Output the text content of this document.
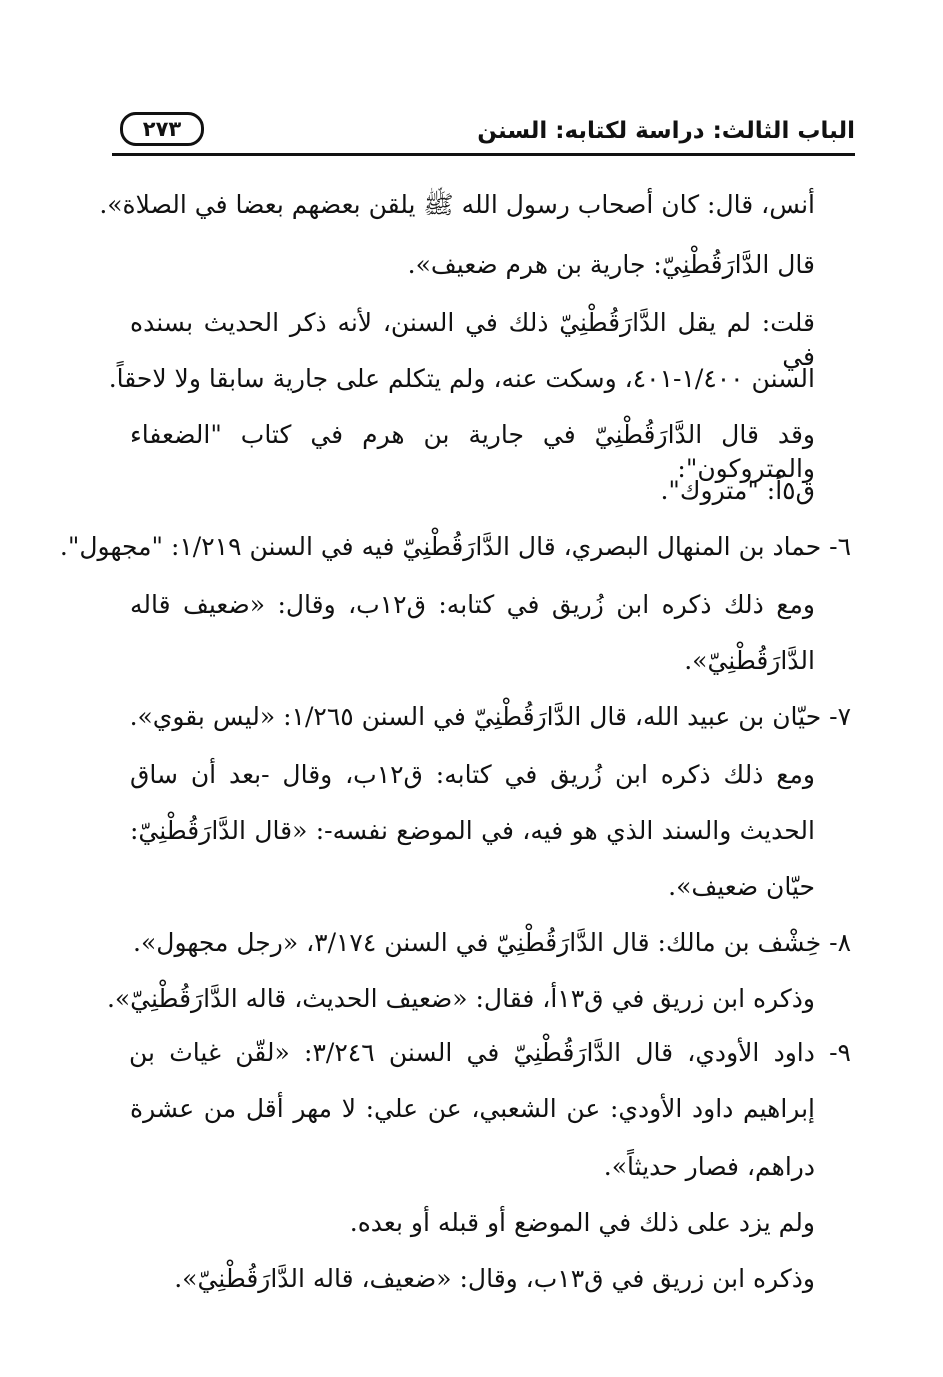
الباب الثالث: دراسة لكتابه: السنن
٢٧٣
أنس، قال: كان أصحاب رسول الله ﷺ يلقن بعضهم بعضا في الصلاة».
قال الدَّارَقُطْنِيّ: جارية بن هرم ضعيف».
قلت: لم يقل الدَّارَقُطْنِيّ ذلك في السنن، لأنه ذكر الحديث بسنده في
السنن ١/٤٠٠-٤٠١، وسكت عنه، ولم يتكلم على جارية سابقا ولا لاحقاً.
وقد قال الدَّارَقُطْنِيّ في جارية بن هرم في كتاب "الضعفاء والمتروكون":
ق٥أ: "متروك".
٦- حماد بن المنهال البصري، قال الدَّارَقُطْنِيّ فيه في السنن ١/٢١٩: "مجهول".
ومع ذلك ذكره ابن زُريق في كتابه: ق١٢ب، وقال: «ضعيف قاله
الدَّارَقُطْنِيّ».
٧- حيّان بن عبيد الله، قال الدَّارَقُطْنِيّ في السنن ١/٢٦٥: «ليس بقوي».
ومع ذلك ذكره ابن زُريق في كتابه: ق١٢ب، وقال -بعد أن ساق
الحديث والسند الذي هو فيه، في الموضع نفسه-: «قال الدَّارَقُطْنِيّ:
حيّان ضعيف».
٨- خِشْف بن مالك: قال الدَّارَقُطْنِيّ في السنن ٣/١٧٤، «رجل مجهول».
وذكره ابن زريق في ق١٣أ، فقال: «ضعيف الحديث، قاله الدَّارَقُطْنِيّ».
٩- داود الأودي، قال الدَّارَقُطْنِيّ في السنن ٣/٢٤٦: «لقّن غياث بن
إبراهيم داود الأودي: عن الشعبي، عن علي: لا مهر أقل من عشرة
دراهم، فصار حديثاً».
ولم يزد على ذلك في الموضع أو قبله أو بعده.
وذكره ابن زريق في ق١٣ب، وقال: «ضعيف، قاله الدَّارَقُطْنِيّ».
